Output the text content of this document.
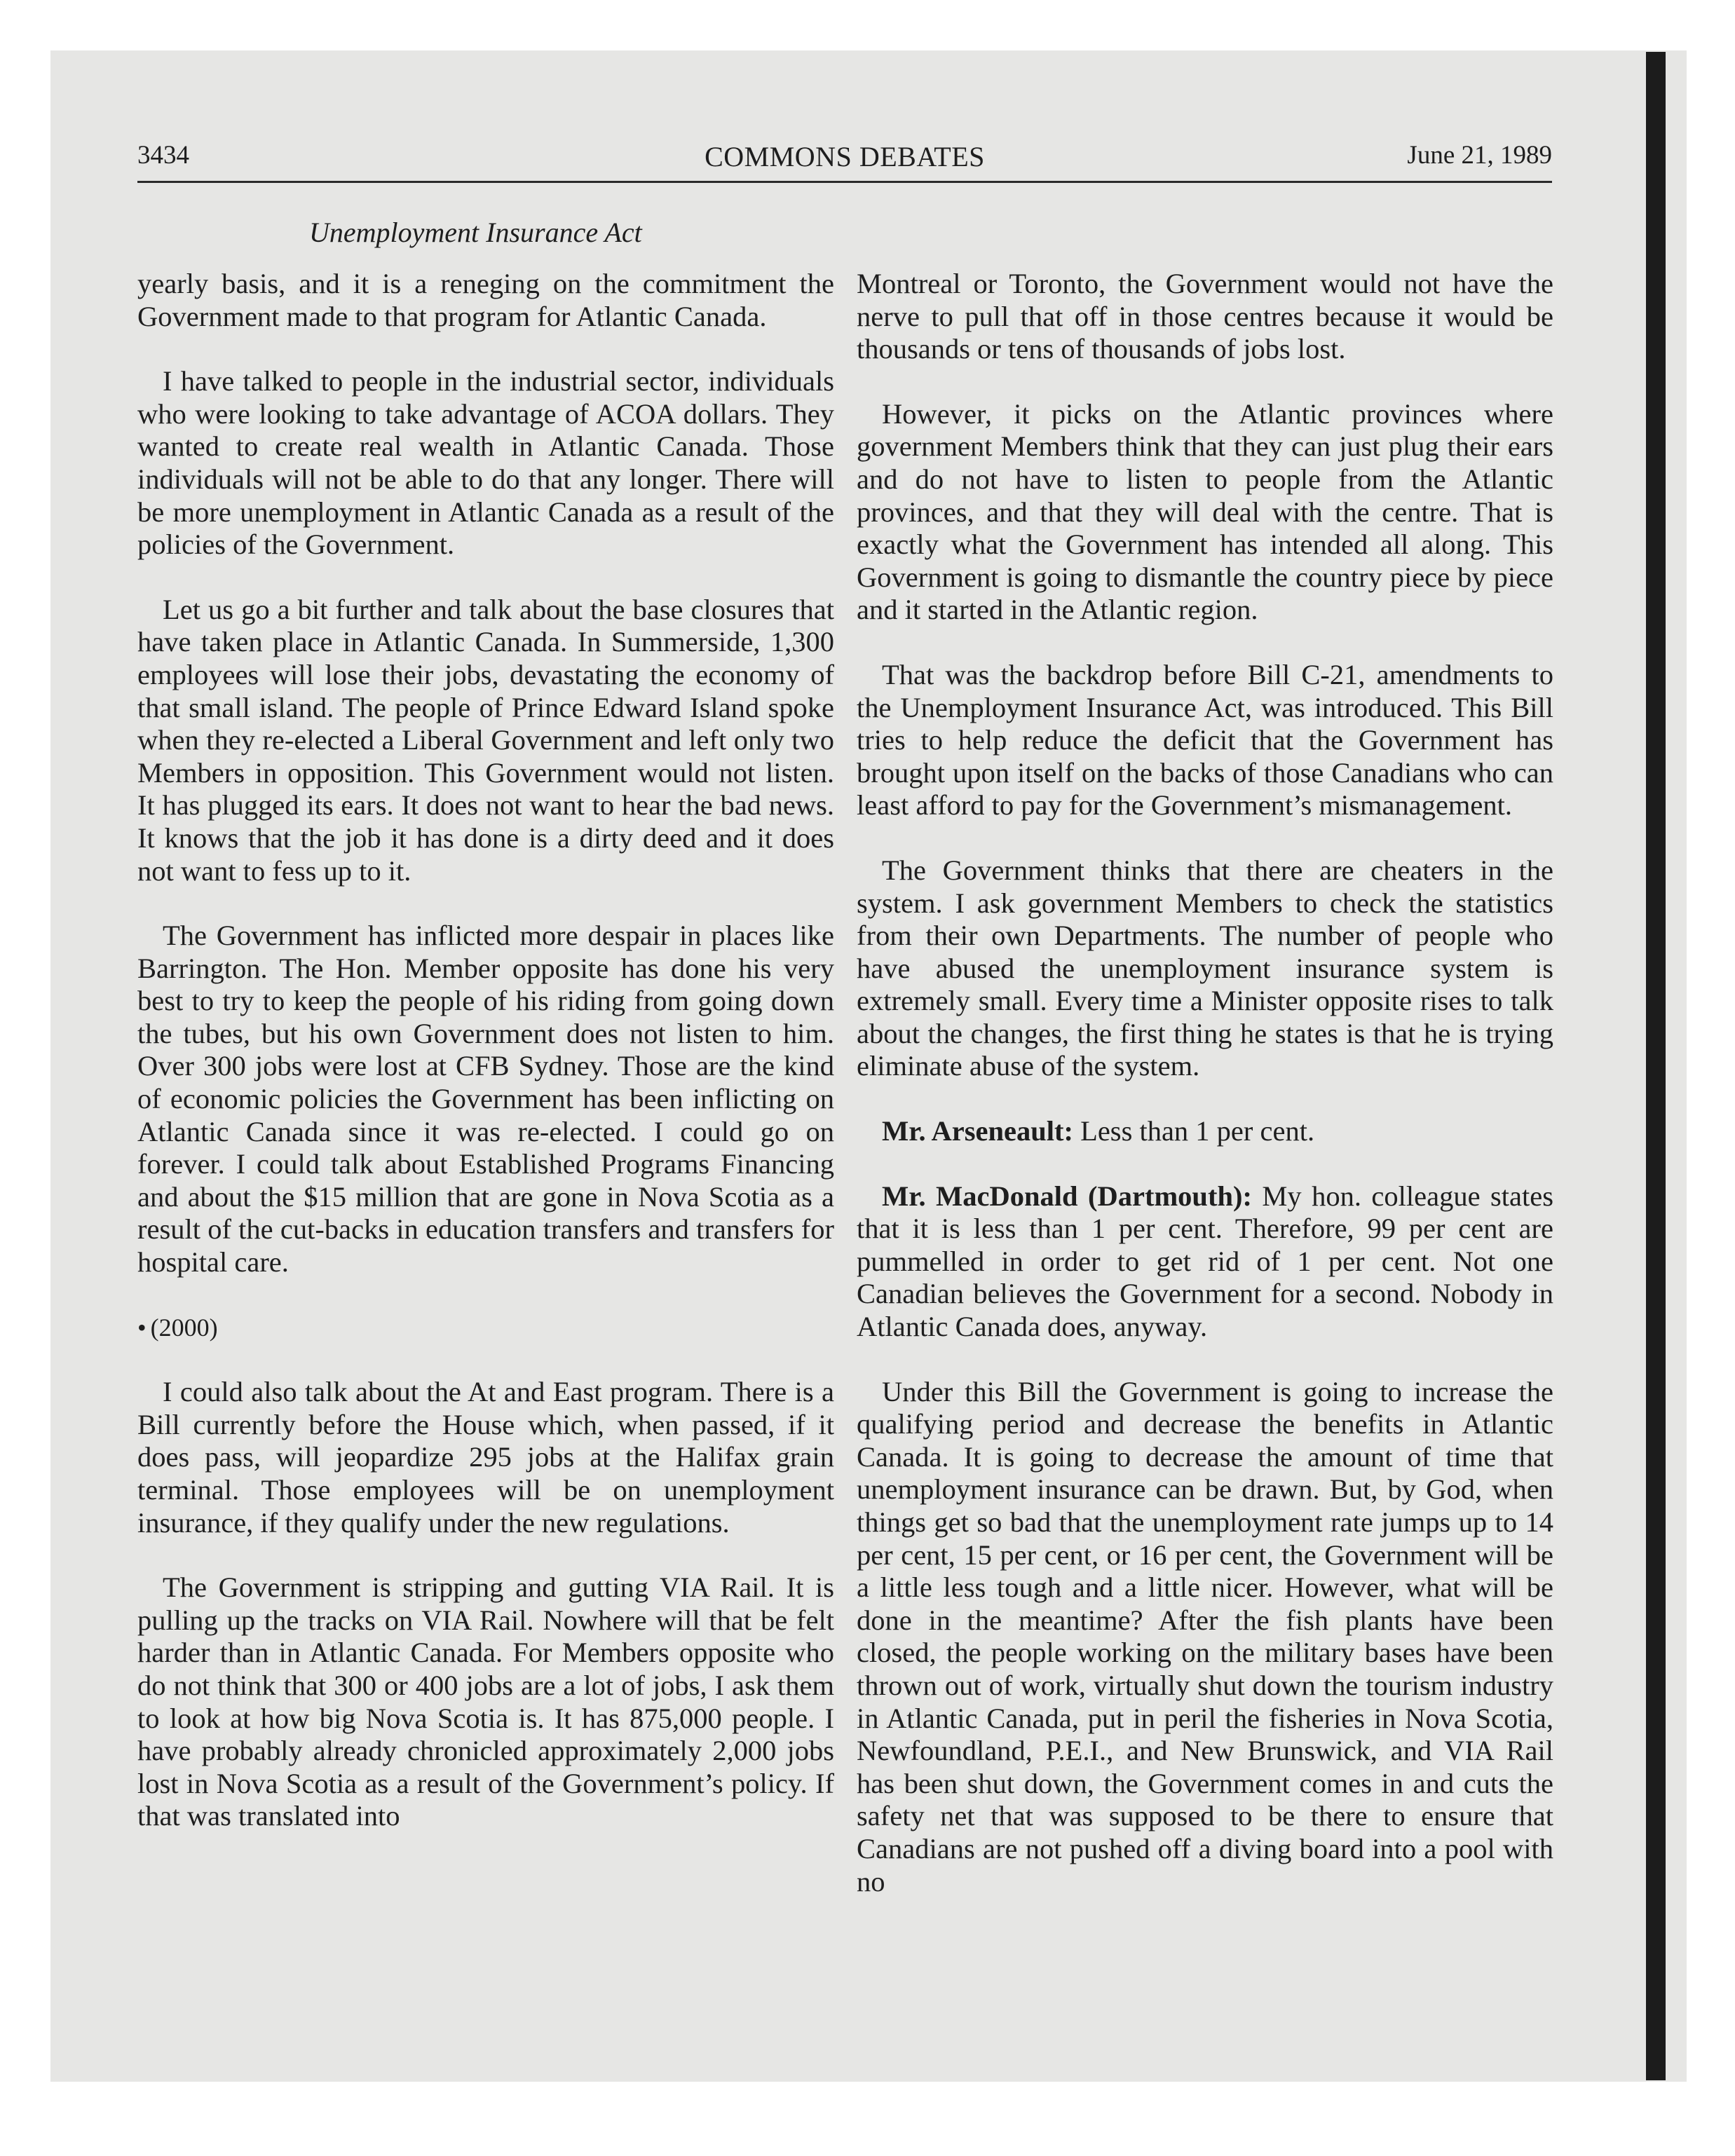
3434	COMMONS DEBATES	June 21, 1989
Unemployment Insurance Act

yearly basis, and it is a reneging on the commitment the Government made to that program for Atlantic Canada.

I have talked to people in the industrial sector, individuals who were looking to take advantage of ACOA dollars. They wanted to create real wealth in Atlantic Canada. Those individuals will not be able to do that any longer. There will be more unemployment in Atlantic Canada as a result of the policies of the Government.

Let us go a bit further and talk about the base closures that have taken place in Atlantic Canada. In Summerside, 1,300 employees will lose their jobs, devastating the economy of that small island. The people of Prince Edward Island spoke when they re-elected a Liberal Government and left only two Members in opposition. This Government would not listen. It has plugged its ears. It does not want to hear the bad news. It knows that the job it has done is a dirty deed and it does not want to fess up to it.

The Government has inflicted more despair in places like Barrington. The Hon. Member opposite has done his very best to try to keep the people of his riding from going down the tubes, but his own Government does not listen to him. Over 300 jobs were lost at CFB Sydney. Those are the kind of economic policies the Government has been inflicting on Atlantic Canada since it was re-elected. I could go on forever. I could talk about Established Programs Financing and about the $15 million that are gone in Nova Scotia as a result of the cut-backs in education transfers and transfers for hospital care.

• (2000)

I could also talk about the At and East program. There is a Bill currently before the House which, when passed, if it does pass, will jeopardize 295 jobs at the Halifax grain terminal. Those employees will be on unemployment insurance, if they qualify under the new regulations.

The Government is stripping and gutting VIA Rail. It is pulling up the tracks on VIA Rail. Nowhere will that be felt harder than in Atlantic Canada. For Members opposite who do not think that 300 or 400 jobs are a lot of jobs, I ask them to look at how big Nova Scotia is. It has 875,000 people. I have probably already chronicled approximately 2,000 jobs lost in Nova Scotia as a result of the Government’s policy. If that was translated into

Montreal or Toronto, the Government would not have the nerve to pull that off in those centres because it would be thousands or tens of thousands of jobs lost.

However, it picks on the Atlantic provinces where government Members think that they can just plug their ears and do not have to listen to people from the Atlantic provinces, and that they will deal with the centre. That is exactly what the Government has intended all along. This Government is going to dismantle the country piece by piece and it started in the Atlantic region.

That was the backdrop before Bill C-21, amendments to the Unemployment Insurance Act, was introduced. This Bill tries to help reduce the deficit that the Government has brought upon itself on the backs of those Canadians who can least afford to pay for the Government’s mismanagement.

The Government thinks that there are cheaters in the system. I ask government Members to check the statistics from their own Departments. The number of people who have abused the unemployment insurance system is extremely small. Every time a Minister opposite rises to talk about the changes, the first thing he states is that he is trying eliminate abuse of the system.

Mr. Arseneault: Less than 1 per cent.

Mr. MacDonald (Dartmouth): My hon. colleague states that it is less than 1 per cent. Therefore, 99 per cent are pummelled in order to get rid of 1 per cent. Not one Canadian believes the Government for a second. Nobody in Atlantic Canada does, anyway.

Under this Bill the Government is going to increase the qualifying period and decrease the benefits in Atlantic Canada. It is going to decrease the amount of time that unemployment insurance can be drawn. But, by God, when things get so bad that the unemployment rate jumps up to 14 per cent, 15 per cent, or 16 per cent, the Government will be a little less tough and a little nicer. However, what will be done in the meantime? After the fish plants have been closed, the people working on the military bases have been thrown out of work, virtually shut down the tourism industry in Atlantic Canada, put in peril the fisheries in Nova Scotia, Newfoundland, P.E.I., and New Brunswick, and VIA Rail has been shut down, the Government comes in and cuts the safety net that was supposed to be there to ensure that Canadians are not pushed off a diving board into a pool with no
